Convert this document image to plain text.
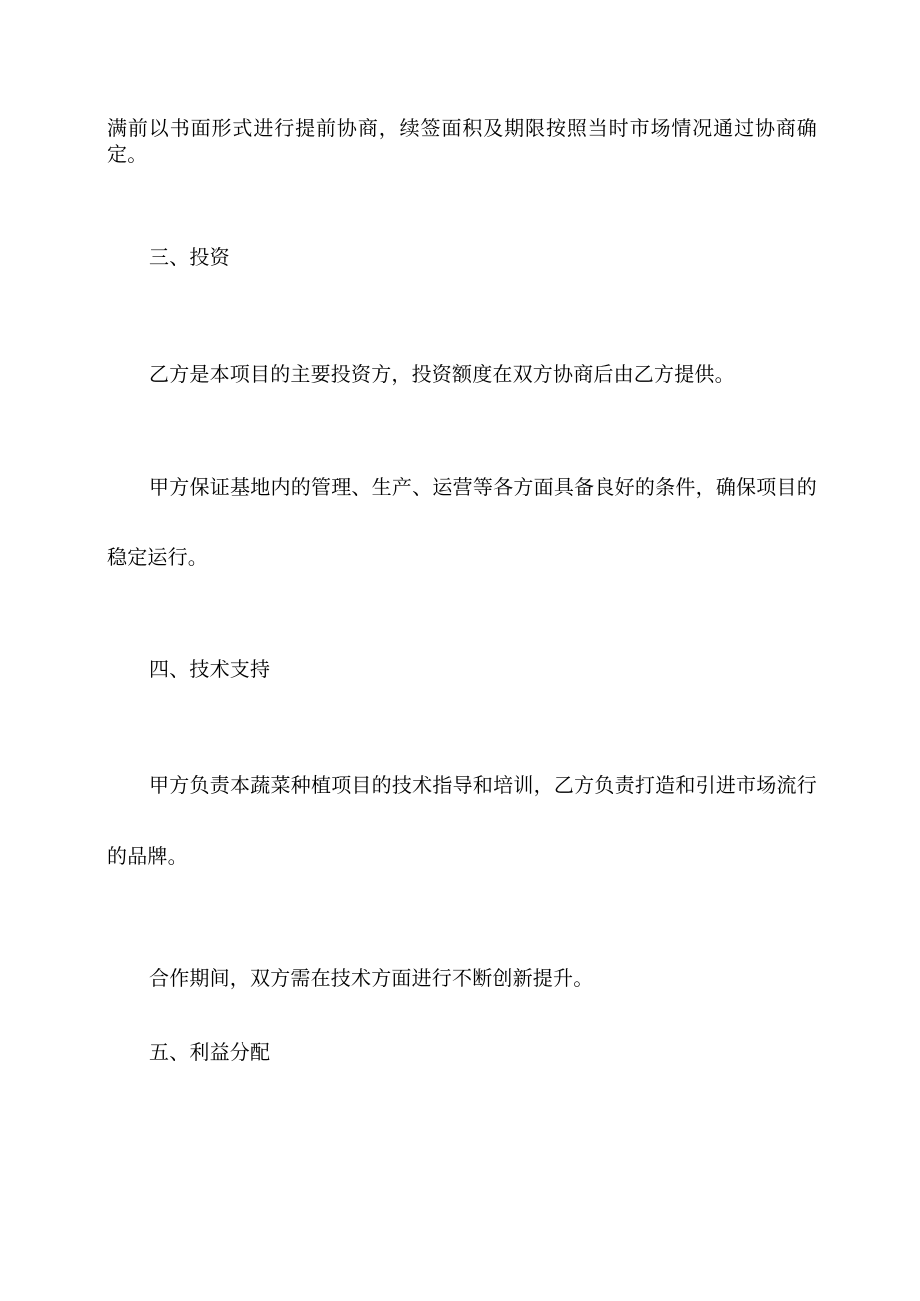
满前以书面形式进行提前协商，续签面积及期限按照当时市场情况通过协商确
定。
三、投资
乙方是本项目的主要投资方，投资额度在双方协商后由乙方提供。
甲方保证基地内的管理、生产、运营等各方面具备良好的条件，确保项目的
稳定运行。
四、技术支持
甲方负责本蔬菜种植项目的技术指导和培训，乙方负责打造和引进市场流行
的品牌。
合作期间，双方需在技术方面进行不断创新提升。
五、利益分配
